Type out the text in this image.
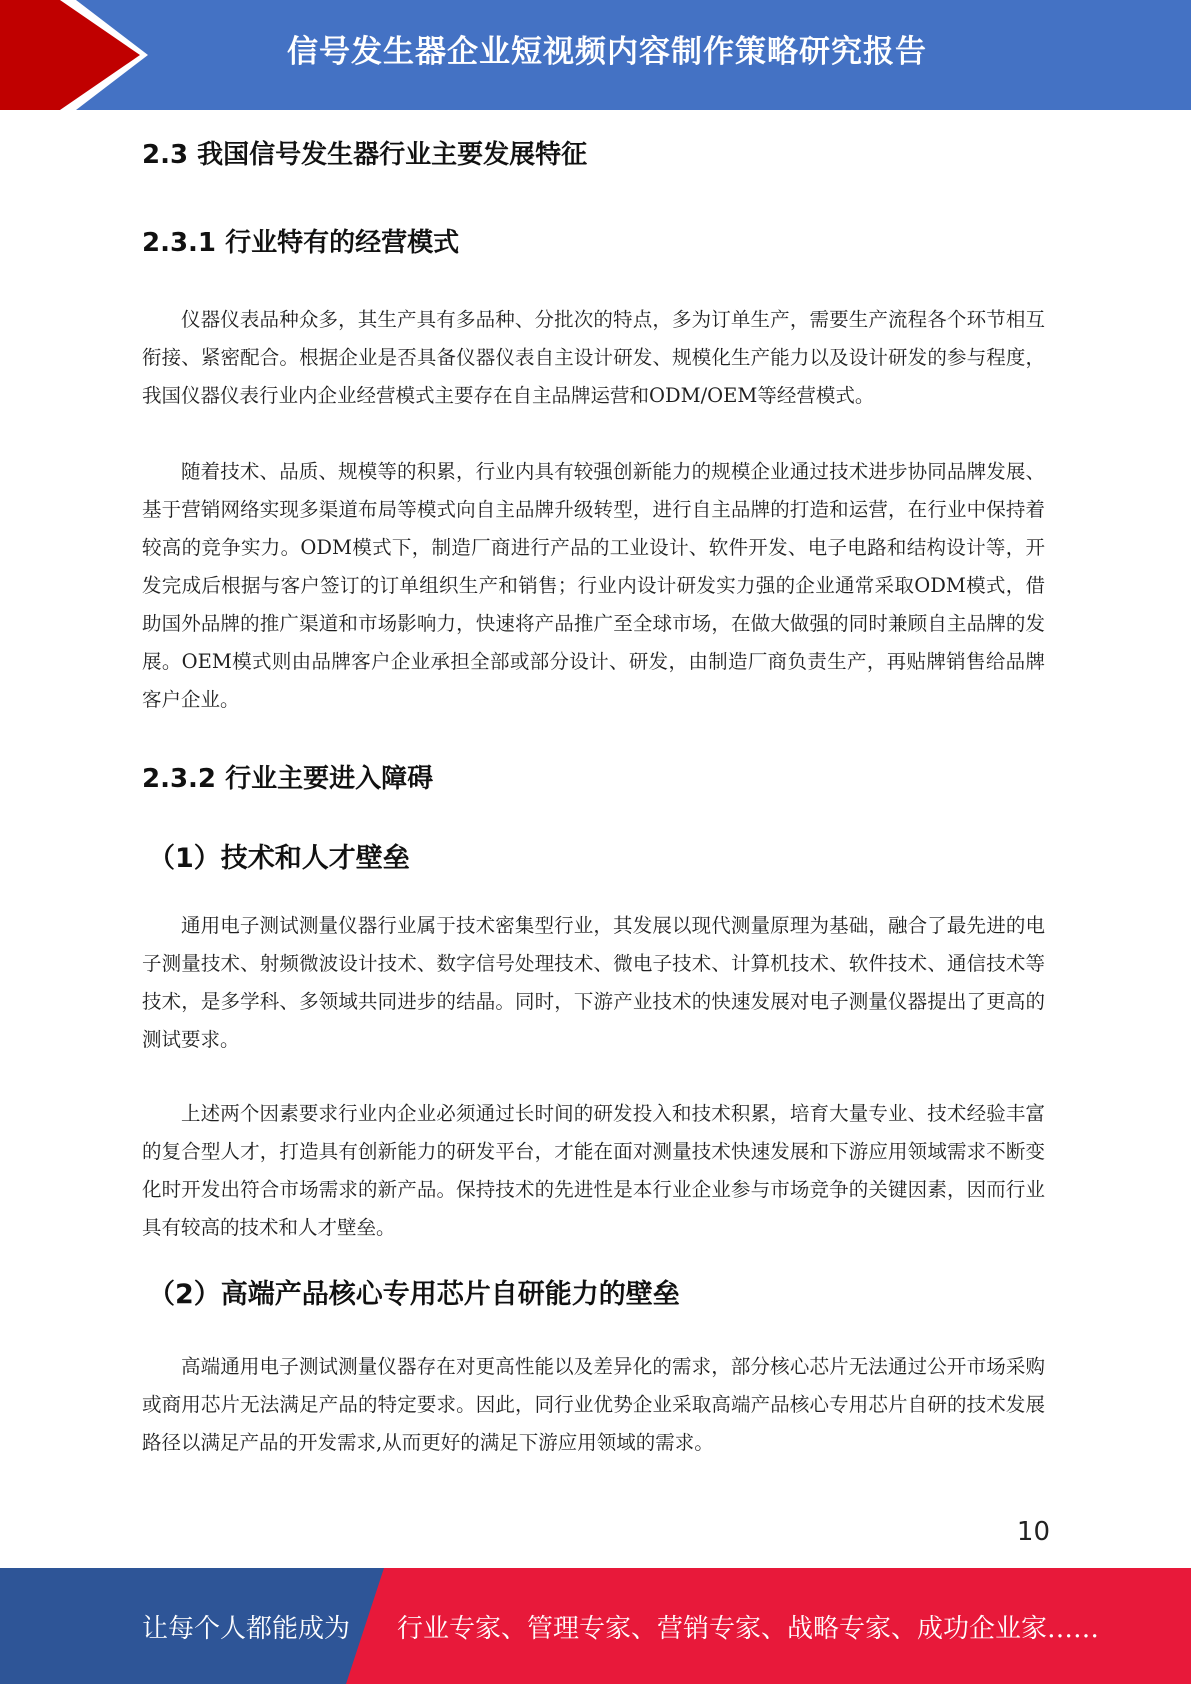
信号发生器企业短视频内容制作策略研究报告
2.3 我国信号发生器行业主要发展特征
2.3.1 行业特有的经营模式

仪器仪表品种众多，其生产具有多品种、分批次的特点，多为订单生产，需要生产流程各个环节相互衔接、紧密配合。根据企业是否具备仪器仪表自主设计研发、规模化生产能力以及设计研发的参与程度，我国仪器仪表行业内企业经营模式主要存在自主品牌运营和ODM/OEM等经营模式。

随着技术、品质、规模等的积累，行业内具有较强创新能力的规模企业通过技术进步协同品牌发展、基于营销网络实现多渠道布局等模式向自主品牌升级转型，进行自主品牌的打造和运营，在行业中保持着较高的竞争实力。ODM模式下，制造厂商进行产品的工业设计、软件开发、电子电路和结构设计等，开发完成后根据与客户签订的订单组织生产和销售；行业内设计研发实力强的企业通常采取ODM模式，借助国外品牌的推广渠道和市场影响力，快速将产品推广至全球市场，在做大做强的同时兼顾自主品牌的发展。OEM模式则由品牌客户企业承担全部或部分设计、研发，由制造厂商负责生产，再贴牌销售给品牌客户企业。

2.3.2 行业主要进入障碍
（1）技术和人才壁垒

通用电子测试测量仪器行业属于技术密集型行业，其发展以现代测量原理为基础，融合了最先进的电子测量技术、射频微波设计技术、数字信号处理技术、微电子技术、计算机技术、软件技术、通信技术等技术，是多学科、多领域共同进步的结晶。同时，下游产业技术的快速发展对电子测量仪器提出了更高的测试要求。

上述两个因素要求行业内企业必须通过长时间的研发投入和技术积累，培育大量专业、技术经验丰富的复合型人才，打造具有创新能力的研发平台，才能在面对测量技术快速发展和下游应用领域需求不断变化时开发出符合市场需求的新产品。保持技术的先进性是本行业企业参与市场竞争的关键因素，因而行业具有较高的技术和人才壁垒。

（2）高端产品核心专用芯片自研能力的壁垒

高端通用电子测试测量仪器存在对更高性能以及差异化的需求，部分核心芯片无法通过公开市场采购或商用芯片无法满足产品的特定要求。因此，同行业优势企业采取高端产品核心专用芯片自研的技术发展路径以满足产品的开发需求,从而更好的满足下游应用领域的需求。

10
让每个人都能成为 行业专家、管理专家、营销专家、战略专家、成功企业家……
